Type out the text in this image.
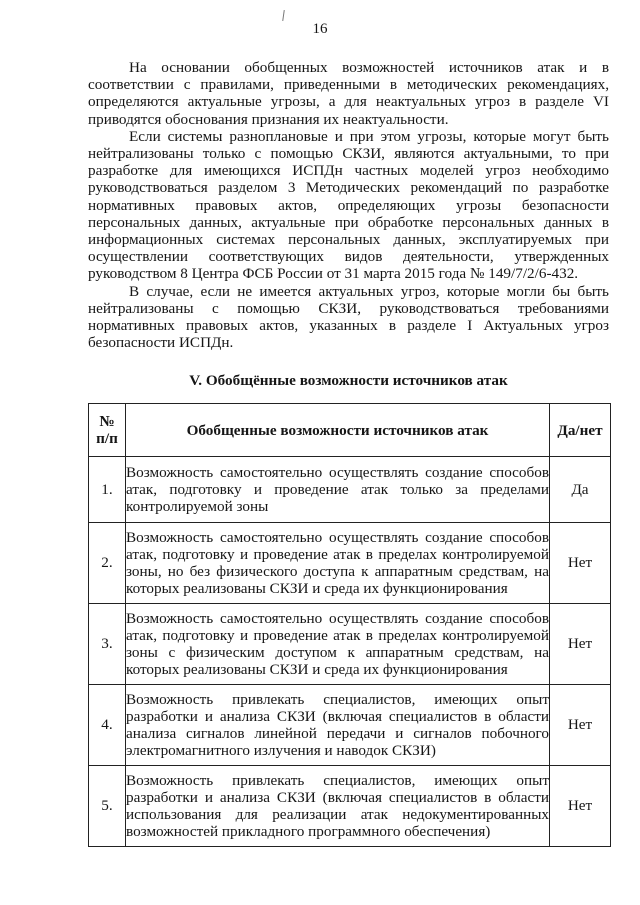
16

На основании обобщенных возможностей источников атак и в соответствии с правилами, приведенными в методических рекомендациях, определяются актуальные угрозы, а для неактуальных угроз в разделе VI приводятся обоснования признания их неактуальности.

Если системы разноплановые и при этом угрозы, которые могут быть нейтрализованы только с помощью СКЗИ, являются актуальными, то при разработке для имеющихся ИСПДн частных моделей угроз необходимо руководствоваться разделом 3 Методических рекомендаций по разработке нормативных правовых актов, определяющих угрозы безопасности персональных данных, актуальные при обработке персональных данных в информационных системах персональных данных, эксплуатируемых при осуществлении соответствующих видов деятельности, утвержденных руководством 8 Центра ФСБ России от 31 марта 2015 года № 149/7/2/6-432.

В случае, если не имеется актуальных угроз, которые могли бы быть нейтрализованы с помощью СКЗИ, руководствоваться требованиями нормативных правовых актов, указанных в разделе I Актуальных угроз безопасности ИСПДн.

V. Обобщённые возможности источников атак
№
п/п	Обобщенные возможности источников атак	Да/нет
1.	Возможность самостоятельно осуществлять создание способов атак, подготовку и проведение атак только за пределами контролируемой зоны	Да
2.	Возможность самостоятельно осуществлять создание способов атак, подготовку и проведение атак в пределах контролируемой зоны, но без физического доступа к аппаратным средствам, на которых реализованы СКЗИ и среда их функционирования	Нет
3.	Возможность самостоятельно осуществлять создание способов атак, подготовку и проведение атак в пределах контролируемой зоны с физическим доступом к аппаратным средствам, на которых реализованы СКЗИ и среда их функционирования	Нет
4.	Возможность привлекать специалистов, имеющих опыт разработки и анализа СКЗИ (включая специалистов в области анализа сигналов линейной передачи и сигналов побочного электромагнитного излучения и наводок СКЗИ)	Нет
5.	Возможность привлекать специалистов, имеющих опыт разработки и анализа СКЗИ (включая специалистов в области использования для реализации атак недокументированных возможностей прикладного программного обеспечения)	Нет
